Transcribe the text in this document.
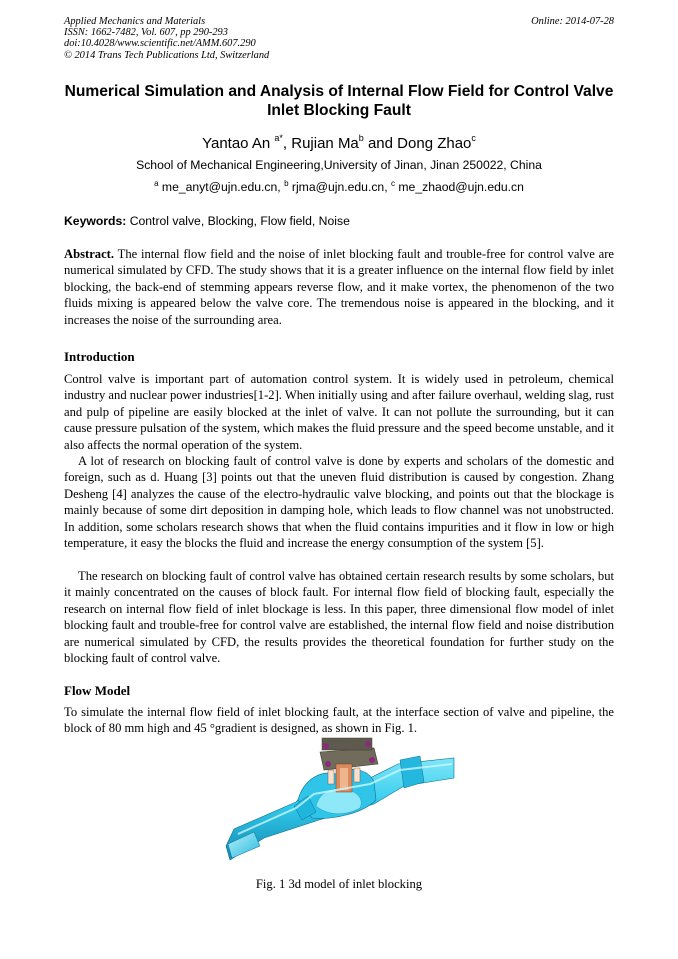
Applied Mechanics and Materials
ISSN: 1662-7482, Vol. 607, pp 290-293
doi:10.4028/www.scientific.net/AMM.607.290
© 2014 Trans Tech Publications Ltd, Switzerland
Online: 2014-07-28
Numerical Simulation and Analysis of Internal Flow Field for Control Valve Inlet Blocking Fault
Yantao An $^{a*}$, Rujian Ma$^b$ and Dong Zhao$^c$
School of Mechanical Engineering,University of Jinan, Jinan 250022, China
$^a$ me_anyt@ujn.edu.cn, $^b$ rjma@ujn.edu.cn, $^c$ me_zhaod@ujn.edu.cn
Keywords: Control valve, Blocking, Flow field, Noise

Abstract. The internal flow field and the noise of inlet blocking fault and trouble-free for control valve are numerical simulated by CFD. The study shows that it is a greater influence on the internal flow field by inlet blocking, the back-end of stemming appears reverse flow, and it make vortex, the phenomenon of the two fluids mixing is appeared below the valve core. The tremendous noise is appeared in the blocking, and it increases the noise of the surrounding area.

Introduction

Control valve is important part of automation control system. It is widely used in petroleum, chemical industry and nuclear power industries[1-2]. When initially using and after failure overhaul, welding slag, rust and pulp of pipeline are easily blocked at the inlet of valve. It can not pollute the surrounding, but it can cause pressure pulsation of the system, which makes the fluid pressure and the speed become unstable, and it also affects the normal operation of the system.

A lot of research on blocking fault of control valve is done by experts and scholars of the domestic and foreign, such as d. Huang [3] points out that the uneven fluid distribution is caused by congestion. Zhang Desheng [4] analyzes the cause of the electro-hydraulic valve blocking, and points out that the blockage is mainly because of some dirt deposition in damping hole, which leads to flow channel was not unobstructed. In addition, some scholars research shows that when the fluid contains impurities and it flow in low or high temperature, it easy the blocks the fluid and increase the energy consumption of the system [5].

The research on blocking fault of control valve has obtained certain research results by some scholars, but it mainly concentrated on the causes of block fault. For internal flow field of blocking fault, especially the research on internal flow field of inlet blockage is less. In this paper, three dimensional flow model of inlet blocking fault and trouble-free for control valve are established, the internal flow field and noise distribution are numerical simulated by CFD, the results provides the theoretical foundation for further study on the blocking fault of control valve.

Flow Model

To simulate the internal flow field of inlet blocking fault, at the interface section of valve and pipeline, the block of 80 mm high and 45 °gradient is designed, as shown in Fig. 1.

Fig. 1 3d model of inlet blocking
